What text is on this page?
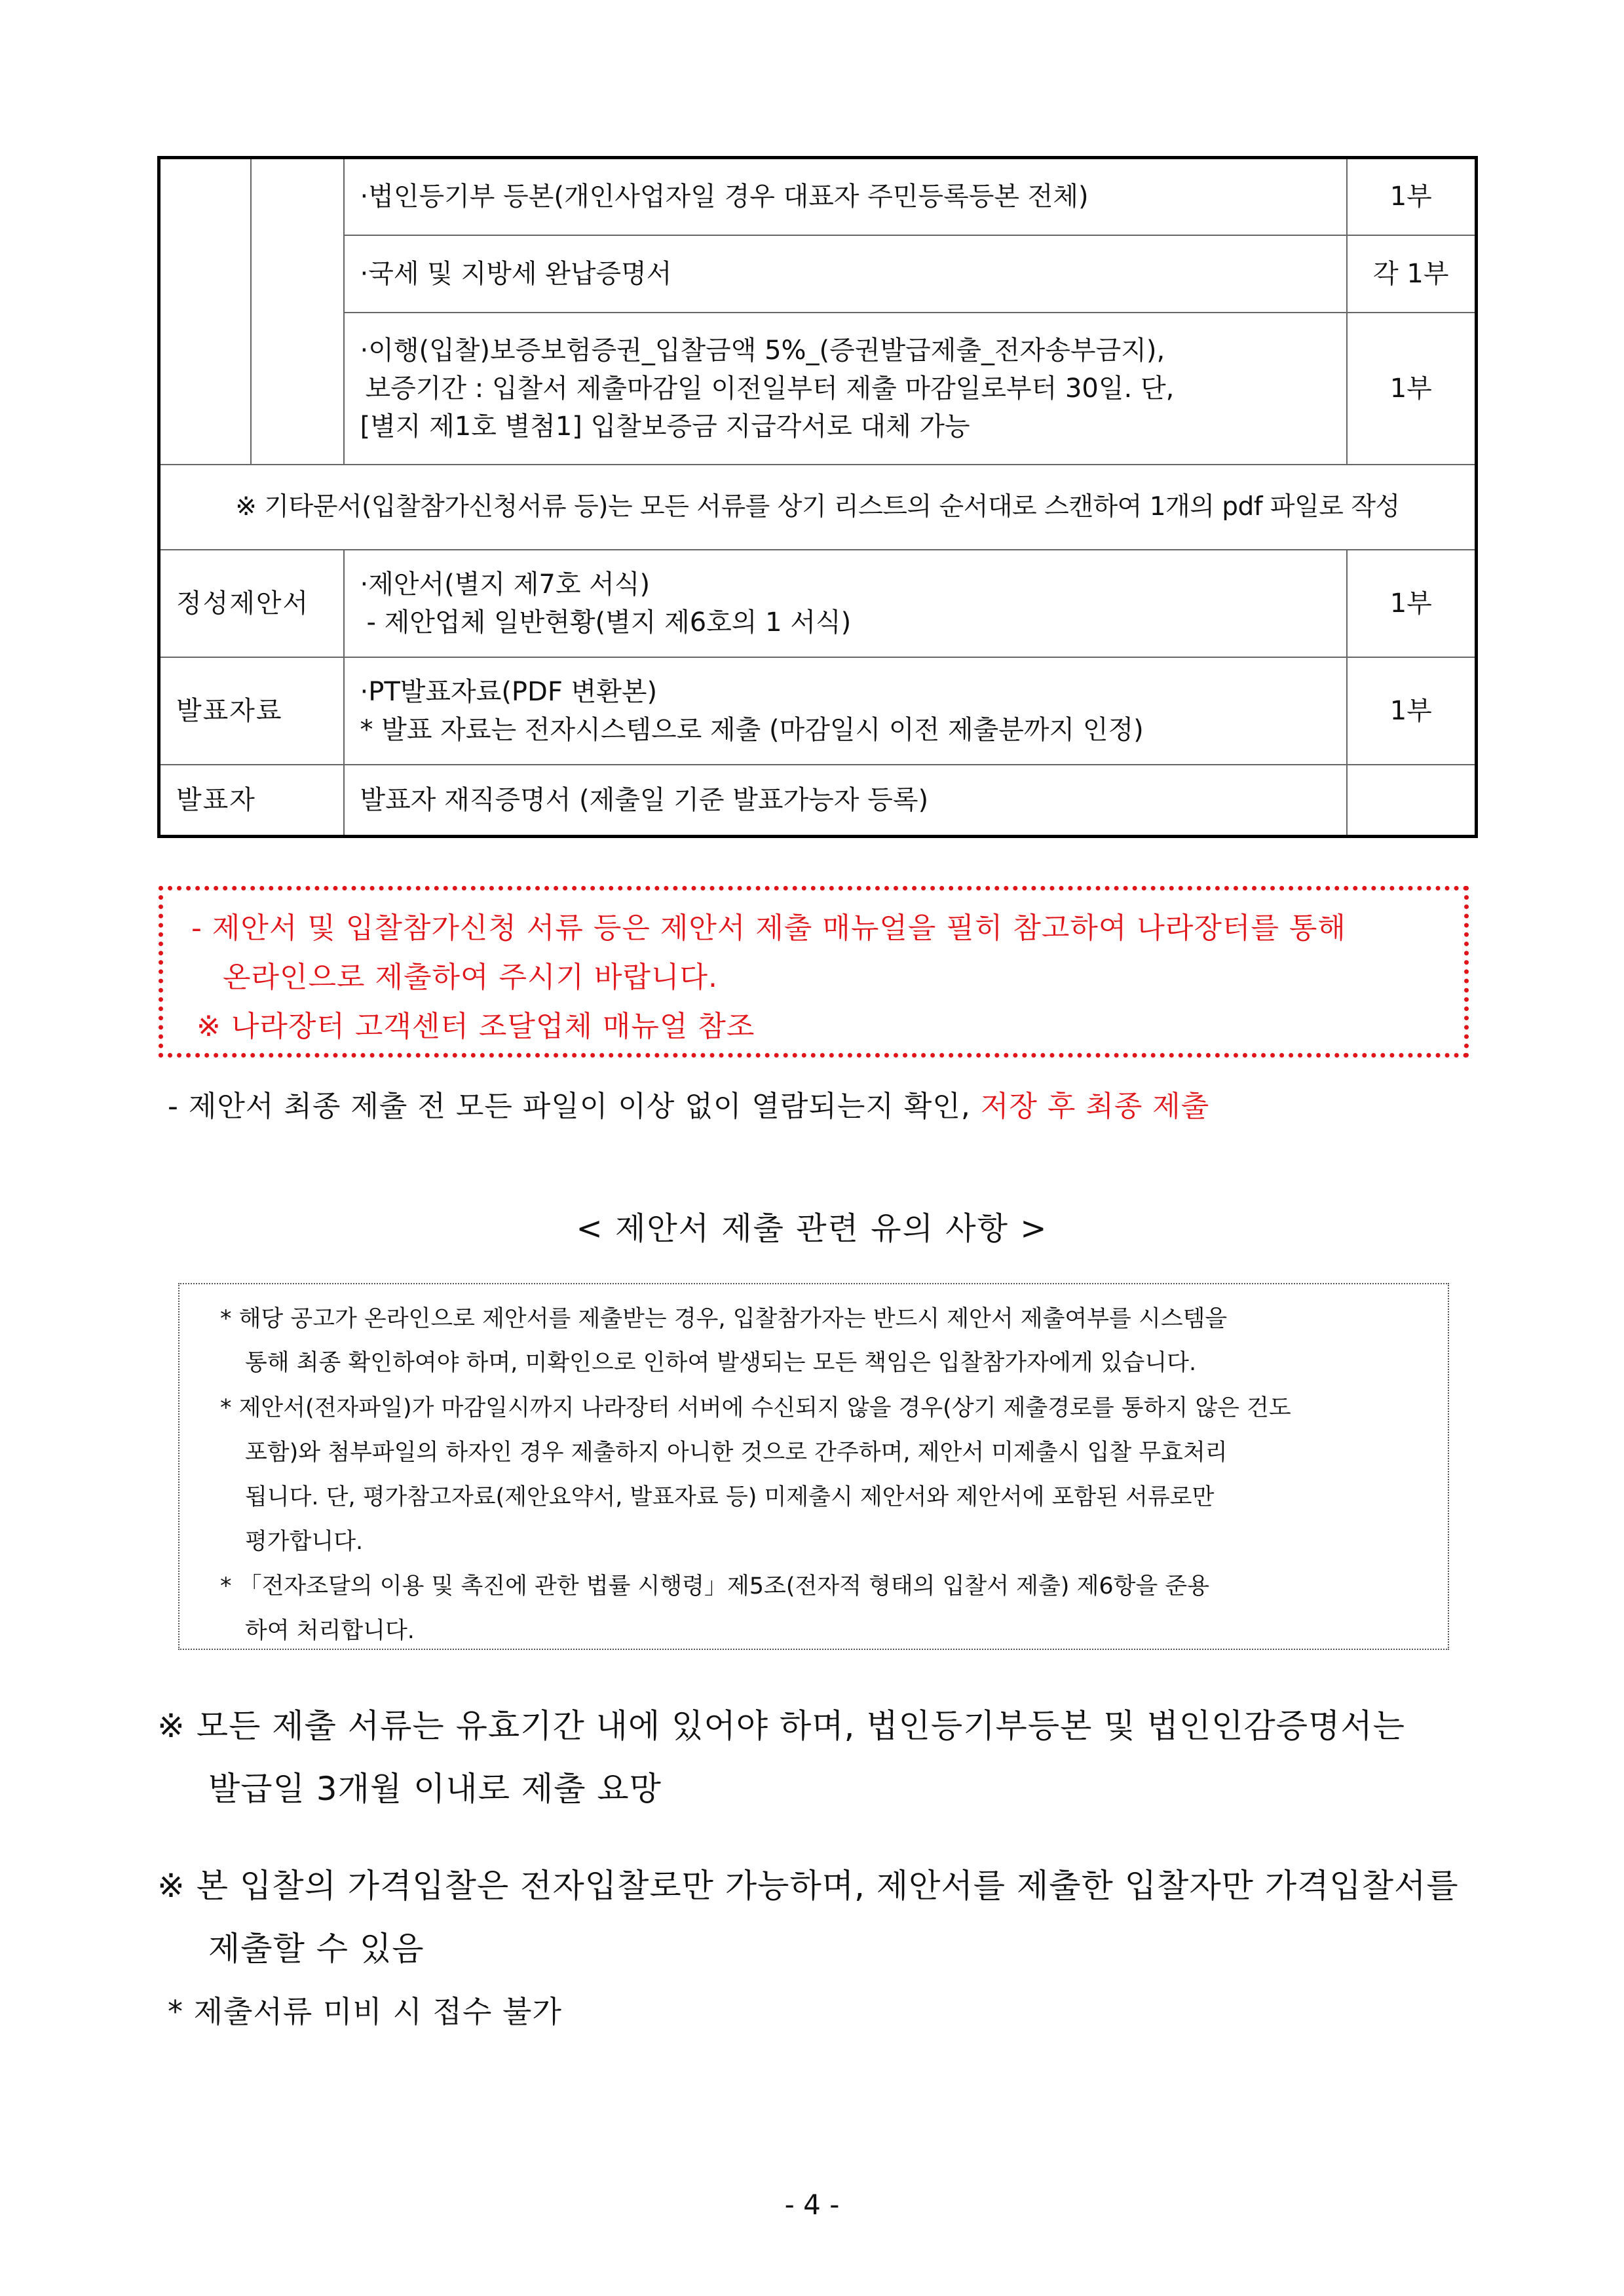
		·법인등기부 등본(개인사업자일 경우 대표자 주민등록등본 전체)	1부

		·국세 및 지방세 완납증명서	각 1부

		·이행(입찰)보증보험증권_입찰금액 5%_(증권발급제출_전자송부금지),
보증기간 : 입찰서 제출마감일 이전일부터 제출 마감일로부터 30일. 단,
[별지 제1호 별첨1] 입찰보증금 지급각서로 대체 가능	1부
※ 기타문서(입찰참가신청서류 등)는 모든 서류를 상기 리스트의 순서대로 스캔하여 1개의 pdf 파일로 작성			
정성제안서		·제안서(별지 제7호 서식)
- 제안업체 일반현황(별지 제6호의 1 서식)	1부
발표자료		·PT발표자료(PDF 변환본)
* 발표 자료는 전자시스템으로 제출 (마감일시 이전 제출분까지 인정)	1부
발표자		발표자 재직증명서 (제출일 기준 발표가능자 등록)	

- 제안서 및 입찰참가신청 서류 등은 제안서 제출 매뉴얼을 필히 참고하여 나라장터를 통해
온라인으로 제출하여 주시기 바랍니다.
※ 나라장터 고객센터 조달업체 매뉴얼 참조
- 제안서 최종 제출 전 모든 파일이 이상 없이 열람되는지 확인, 저장 후 최종 제출
< 제안서 제출 관련 유의 사항 >
* 해당 공고가 온라인으로 제안서를 제출받는 경우, 입찰참가자는 반드시 제안서 제출여부를 시스템을
통해 최종 확인하여야 하며, 미확인으로 인하여 발생되는 모든 책임은 입찰참가자에게 있습니다.
* 제안서(전자파일)가 마감일시까지 나라장터 서버에 수신되지 않을 경우(상기 제출경로를 통하지 않은 건도
포함)와 첨부파일의 하자인 경우 제출하지 아니한 것으로 간주하며, 제안서 미제출시 입찰 무효처리
됩니다. 단, 평가참고자료(제안요약서, 발표자료 등) 미제출시 제안서와 제안서에 포함된 서류로만
평가합니다.
* 「전자조달의 이용 및 촉진에 관한 법률 시행령」제5조(전자적 형태의 입찰서 제출) 제6항을 준용
하여 처리합니다.
※ 모든 제출 서류는 유효기간 내에 있어야 하며, 법인등기부등본 및 법인인감증명서는
발급일 3개월 이내로 제출 요망
※ 본 입찰의 가격입찰은 전자입찰로만 가능하며, 제안서를 제출한 입찰자만 가격입찰서를
제출할 수 있음
* 제출서류 미비 시 접수 불가
- 4 -
